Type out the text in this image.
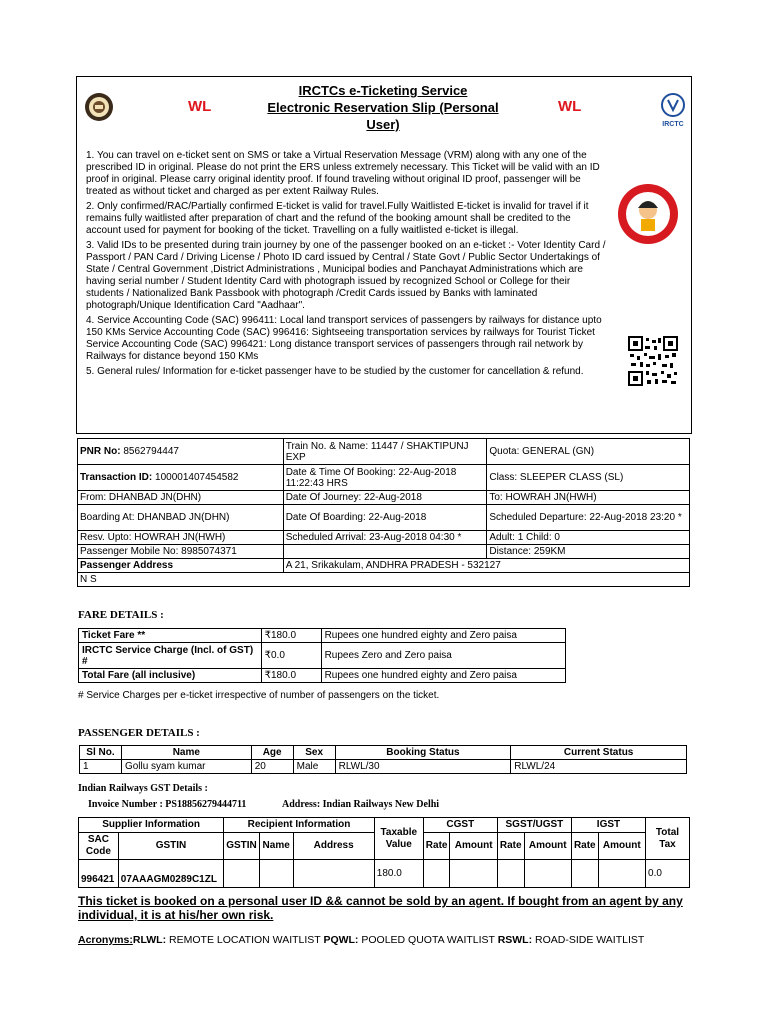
WL
IRCTCs e-Ticketing Service
Electronic Reservation Slip (Personal User)
WL
IRCTC

1. You can travel on e-ticket sent on SMS or take a Virtual Reservation Message (VRM) along with any one of the prescribed ID in original. Please do not print the ERS unless extremely necessary. This Ticket will be valid with an ID proof in original. Please carry original identity proof. If found traveling without original ID proof, passenger will be treated as without ticket and charged as per extent Railway Rules.

2. Only confirmed/RAC/Partially confirmed E-ticket is valid for travel.Fully Waitlisted E-ticket is invalid for travel if it remains fully waitlisted after preparation of chart and the refund of the booking amount shall be credited to the account used for payment for booking of the ticket. Travelling on a fully waitlisted e-ticket is illegal.

3. Valid IDs to be presented during train journey by one of the passenger booked on an e-ticket :- Voter Identity Card / Passport / PAN Card / Driving License / Photo ID card issued by Central / State Govt / Public Sector Undertakings of State / Central Government ,District Administrations , Municipal bodies and Panchayat Administrations which are having serial number / Student Identity Card with photograph issued by recognized School or College for their students / Nationalized Bank Passbook with photograph /Credit Cards issued by Banks with laminated photograph/Unique Identification Card "Aadhaar".

4. Service Accounting Code (SAC) 996411: Local land transport services of passengers by railways for distance upto 150 KMs Service Accounting Code (SAC) 996416: Sightseeing transportation services by railways for Tourist Ticket Service Accounting Code (SAC) 996421: Long distance transport services of passengers through rail network by Railways for distance beyond 150 KMs

5. General rules/ Information for e-ticket passenger have to be studied by the customer for cancellation & refund.

PNR No: 8562794447	Train No. & Name: 11447 / SHAKTIPUNJ EXP	Quota: GENERAL (GN)
Transaction ID: 100001407454582	Date & Time Of Booking: 22-Aug-2018 11:22:43 HRS	Class: SLEEPER CLASS (SL)
From: DHANBAD JN(DHN)	Date Of Journey: 22-Aug-2018	To: HOWRAH JN(HWH)
Boarding At: DHANBAD JN(DHN)	Date Of Boarding: 22-Aug-2018	Scheduled Departure: 22-Aug-2018 23:20 *
Resv. Upto: HOWRAH JN(HWH)	Scheduled Arrival: 23-Aug-2018 04:30 *	Adult: 1 Child: 0
Passenger Mobile No: 8985074371		Distance: 259KM
Passenger Address	A 21, Srikakulam, ANDHRA PRADESH - 532127	
N S		
FARE DETAILS :
Ticket Fare **	₹180.0	Rupees one hundred eighty and Zero paisa
IRCTC Service Charge (Incl. of GST) #	₹0.0	Rupees Zero and Zero paisa
Total Fare (all inclusive)	₹180.0	Rupees one hundred eighty and Zero paisa
# Service Charges per e-ticket irrespective of number of passengers on the ticket.
PASSENGER DETAILS :
Sl No.	Name	Age	Sex	Booking Status	Current Status
1	Gollu syam kumar	20	Male	RLWL/30	RLWL/24
Indian Railways GST Details :
Invoice Number : PS18856279444711	Address: Indian Railways New Delhi
Supplier Information		Recipient Information			Taxable Value	CGST		SGST/UGST		IGST		Total Tax
SAC Code	GSTIN	GSTIN	Name	Address		Rate	Amount	Rate	Amount	Rate	Amount	
996421	07AAAGM0289C1ZL				180.0							0.0
This ticket is booked on a personal user ID && cannot be sold by an agent. If bought from an agent by any individual, it is at his/her own risk.
Acronyms:RLWL: REMOTE LOCATION WAITLIST PQWL: POOLED QUOTA WAITLIST RSWL: ROAD-SIDE WAITLIST
